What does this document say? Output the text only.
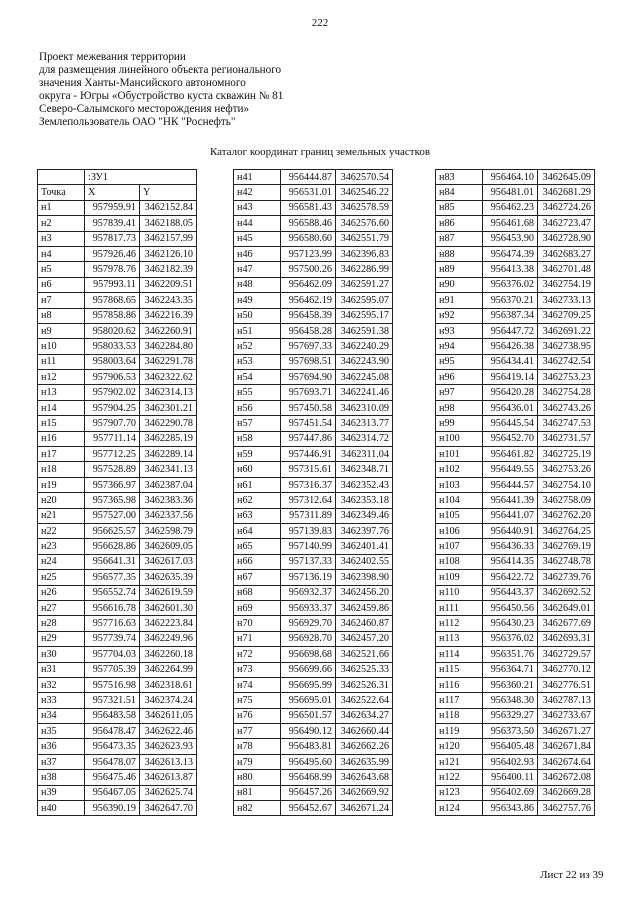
222
Проект межевания территории
для размещения линейного объекта регионального
значения Ханты-Мансийского автономного
округа - Югры «Обустройство куста скважин № 81
Северо-Салымского месторождения нефти»
Землепользователь ОАО "НК "Роснефть"
Каталог координат границ земельных участков
	:ЗУ1	
Точка	X	Y
н1	957959.91	3462152.84
н2	957839.41	3462188.05
н3	957817.73	3462157.99
н4	957926.46	3462126.10
н5	957978.76	3462182.39
н6	957993.11	3462209.51
н7	957868.65	3462243.35
н8	957858.86	3462216.39
н9	958020.62	3462260.91
н10	958033.53	3462284.80
н11	958003.64	3462291.78
н12	957906.53	3462322.62
н13	957902.02	3462314.13
н14	957904.25	3462301.21
н15	957907.70	3462290.78
н16	957711.14	3462285.19
н17	957712.25	3462289.14
н18	957528.89	3462341.13
н19	957366.97	3462387.04
н20	957365.98	3462383.36
н21	957527.00	3462337.56
н22	956625.57	3462598.79
н23	956628.86	3462609.05
н24	956641.31	3462617.03
н25	956577.35	3462635.39
н26	956552.74	3462619.59
н27	956616.78	3462601.30
н28	957716.63	3462223.84
н29	957739.74	3462249.96
н30	957704.03	3462260.18
н31	957705.39	3462264.99
н32	957516.98	3462318.61
н33	957321.51	3462374.24
н34	956483.58	3462611.05
н35	956478.47	3462622.46
н36	956473.35	3462623.93
н37	956478.07	3462613.13
н38	956475.46	3462613.87
н39	956467.05	3462625.74
н40	956390.19	3462647.70
н41	956444.87	3462570.54
н42	956531.01	3462546.22
н43	956581.43	3462578.59
н44	956588.46	3462576.60
н45	956580.60	3462551.79
н46	957123.99	3462396.83
н47	957500.26	3462286.99
н48	956462.09	3462591.27
н49	956462.19	3462595.07
н50	956458.39	3462595.17
н51	956458.28	3462591.38
н52	957697.33	3462240.29
н53	957698.51	3462243.90
н54	957694.90	3462245.08
н55	957693.71	3462241.46
н56	957450.58	3462310.09
н57	957451.54	3462313.77
н58	957447.86	3462314.72
н59	957446.91	3462311.04
н60	957315.61	3462348.71
н61	957316.37	3462352.43
н62	957312.64	3462353.18
н63	957311.89	3462349.46
н64	957139.83	3462397.76
н65	957140.99	3462401.41
н66	957137.33	3462402.55
н67	957136.19	3462398.90
н68	956932.37	3462456.20
н69	956933.37	3462459.86
н70	956929.70	3462460.87
н71	956928.70	3462457.20
н72	956698.68	3462521.66
н73	956699.66	3462525.33
н74	956695.99	3462526.31
н75	956695.01	3462522.64
н76	956501.57	3462634.27
н77	956490.12	3462660.44
н78	956483.81	3462662.26
н79	956495.60	3462635.99
н80	956468.99	3462643.68
н81	956457.26	3462669.92
н82	956452.67	3462671.24
н83	956464.10	3462645.09
н84	956481.01	3462681.29
н85	956462.23	3462724.26
н86	956461.68	3462723.47
н87	956453.90	3462728.90
н88	956474.39	3462683.27
н89	956413.38	3462701.48
н90	956376.02	3462754.19
н91	956370.21	3462733.13
н92	956387.34	3462709.25
н93	956447.72	3462691.22
н94	956426.38	3462738.95
н95	956434.41	3462742.54
н96	956419.14	3462753.23
н97	956420.28	3462754.28
н98	956436.01	3462743.26
н99	956445.54	3462747.53
н100	956452.70	3462731.57
н101	956461.82	3462725.19
н102	956449.55	3462753.26
н103	956444.57	3462754.10
н104	956441.39	3462758.09
н105	956441.07	3462762.20
н106	956440.91	3462764.25
н107	956436.33	3462769.19
н108	956414.35	3462748.78
н109	956422.72	3462739.76
н110	956443.37	3462692.52
н111	956450.56	3462649.01
н112	956430.23	3462677.69
н113	956376.02	3462693.31
н114	956351.76	3462729.57
н115	956364.71	3462770.12
н116	956360.21	3462776.51
н117	956348.30	3462787.13
н118	956329.27	3462733.67
н119	956373.50	3462671.27
н120	956405.48	3462671.84
н121	956402.93	3462674.64
н122	956400.11	3462672.08
н123	956402.69	3462669.28
н124	956343.86	3462757.76
Лист 22 из 39
